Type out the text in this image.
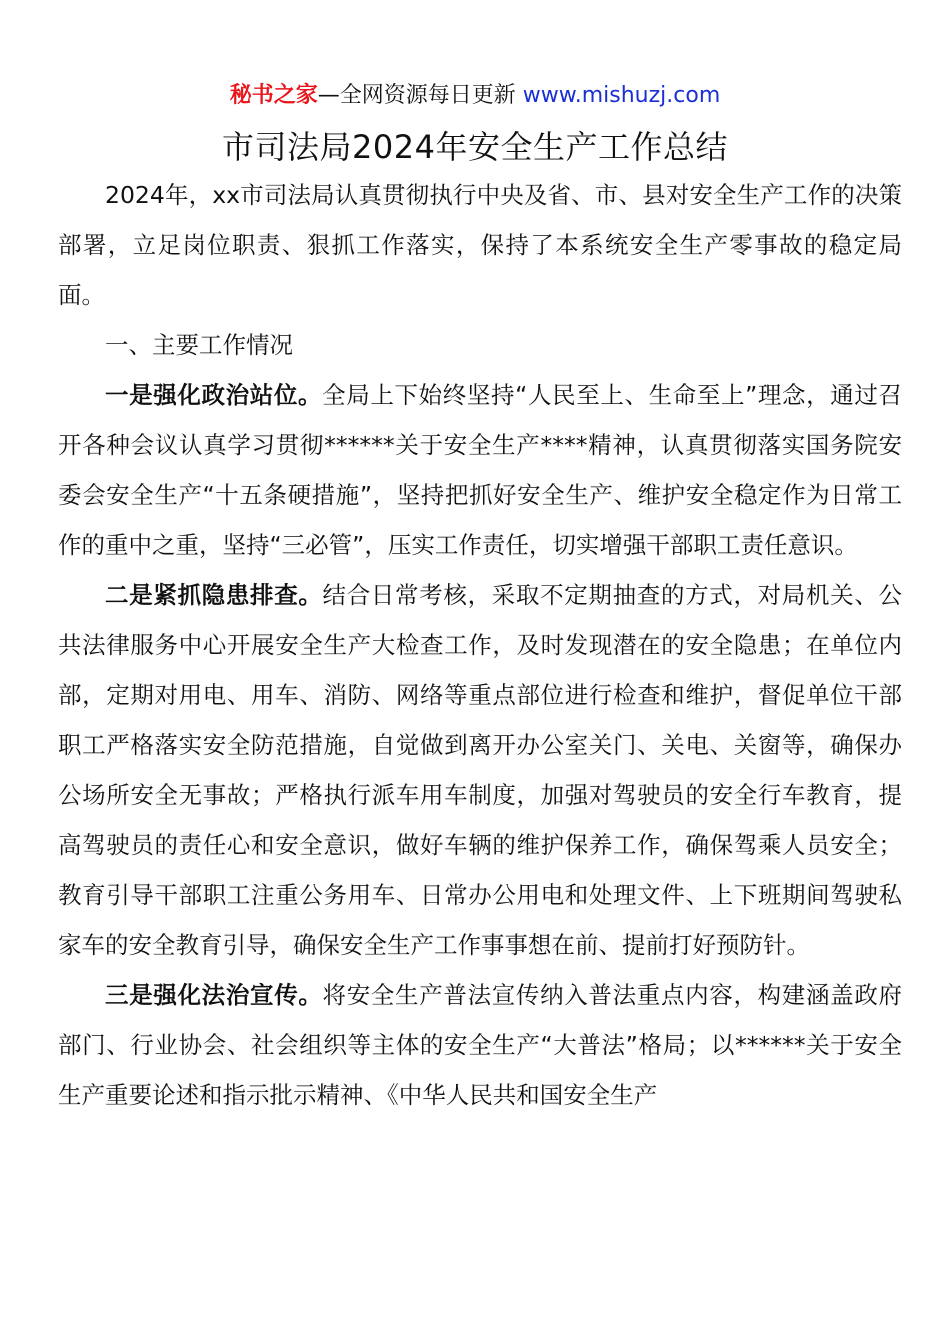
秘书之家—全网资源每日更新 www.mishuzj.com
市司法局2024年安全生产工作总结

2024年，xx市司法局认真贯彻执行中央及省、市、县对安全生产工作的决策部署，立足岗位职责、狠抓工作落实，保持了本系统安全生产零事故的稳定局面。

一、主要工作情况

一是强化政治站位。全局上下始终坚持“人民至上、生命至上”理念，通过召开各种会议认真学习贯彻******关于安全生产****精神，认真贯彻落实国务院安委会安全生产“十五条硬措施”，坚持把抓好安全生产、维护安全稳定作为日常工作的重中之重，坚持“三必管”，压实工作责任，切实增强干部职工责任意识。

二是紧抓隐患排查。结合日常考核，采取不定期抽查的方式，对局机关、公共法律服务中心开展安全生产大检查工作，及时发现潜在的安全隐患；在单位内部，定期对用电、用车、消防、网络等重点部位进行检查和维护，督促单位干部职工严格落实安全防范措施，自觉做到离开办公室关门、关电、关窗等，确保办公场所安全无事故；严格执行派车用车制度，加强对驾驶员的安全行车教育，提高驾驶员的责任心和安全意识，做好车辆的维护保养工作，确保驾乘人员安全；教育引导干部职工注重公务用车、日常办公用电和处理文件、上下班期间驾驶私家车的安全教育引导，确保安全生产工作事事想在前、提前打好预防针。

三是强化法治宣传。将安全生产普法宣传纳入普法重点内容，构建涵盖政府部门、行业协会、社会组织等主体的安全生产“大普法”格局；以******关于安全生产重要论述和指示批示精神、《中华人民共和国安全生产
